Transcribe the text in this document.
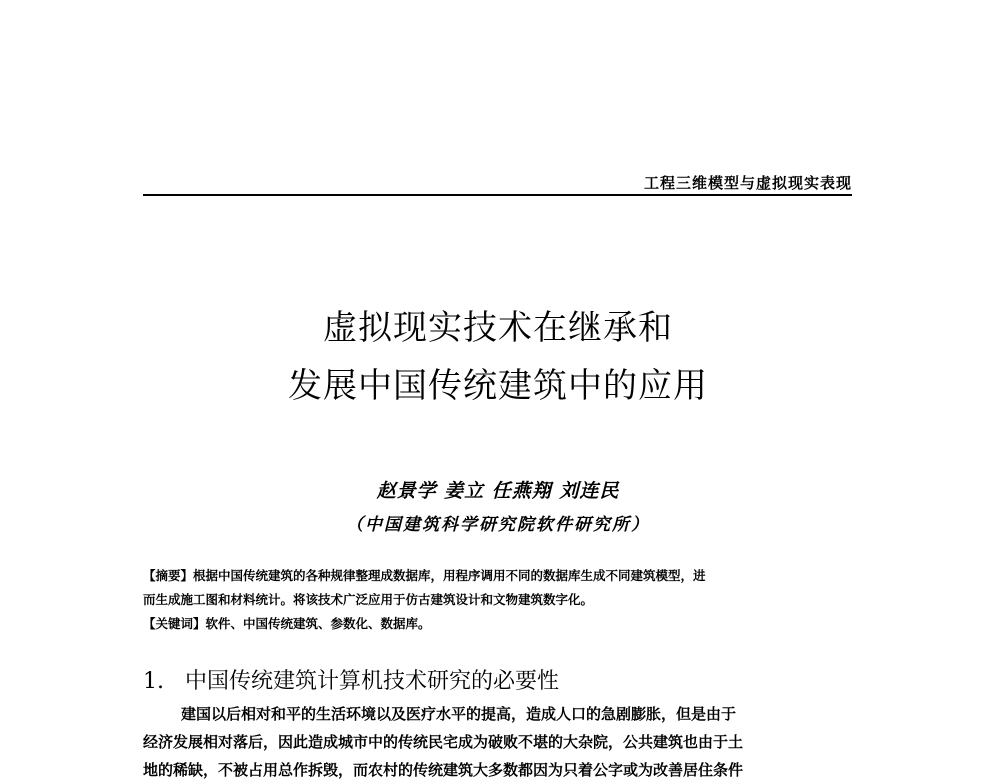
工程三维模型与虚拟现实表现
虚拟现实技术在继承和
发展中国传统建筑中的应用
赵景学 姜立 任燕翔 刘连民
（中国建筑科学研究院软件研究所）
【摘要】根据中国传统建筑的各种规律整理成数据库，用程序调用不同的数据库生成不同建筑模型，进
而生成施工图和材料统计。将该技术广泛应用于仿古建筑设计和文物建筑数字化。
【关键词】软件、中国传统建筑、参数化、数据库。
1. 中国传统建筑计算机技术研究的必要性
建国以后相对和平的生活环境以及医疗水平的提高，造成人口的急剧膨胀，但是由于
经济发展相对落后，因此造成城市中的传统民宅成为破败不堪的大杂院，公共建筑也由于土
地的稀缺，不被占用总作拆毁，而农村的传统建筑大多数都因为只着公字或为改善居住条件
